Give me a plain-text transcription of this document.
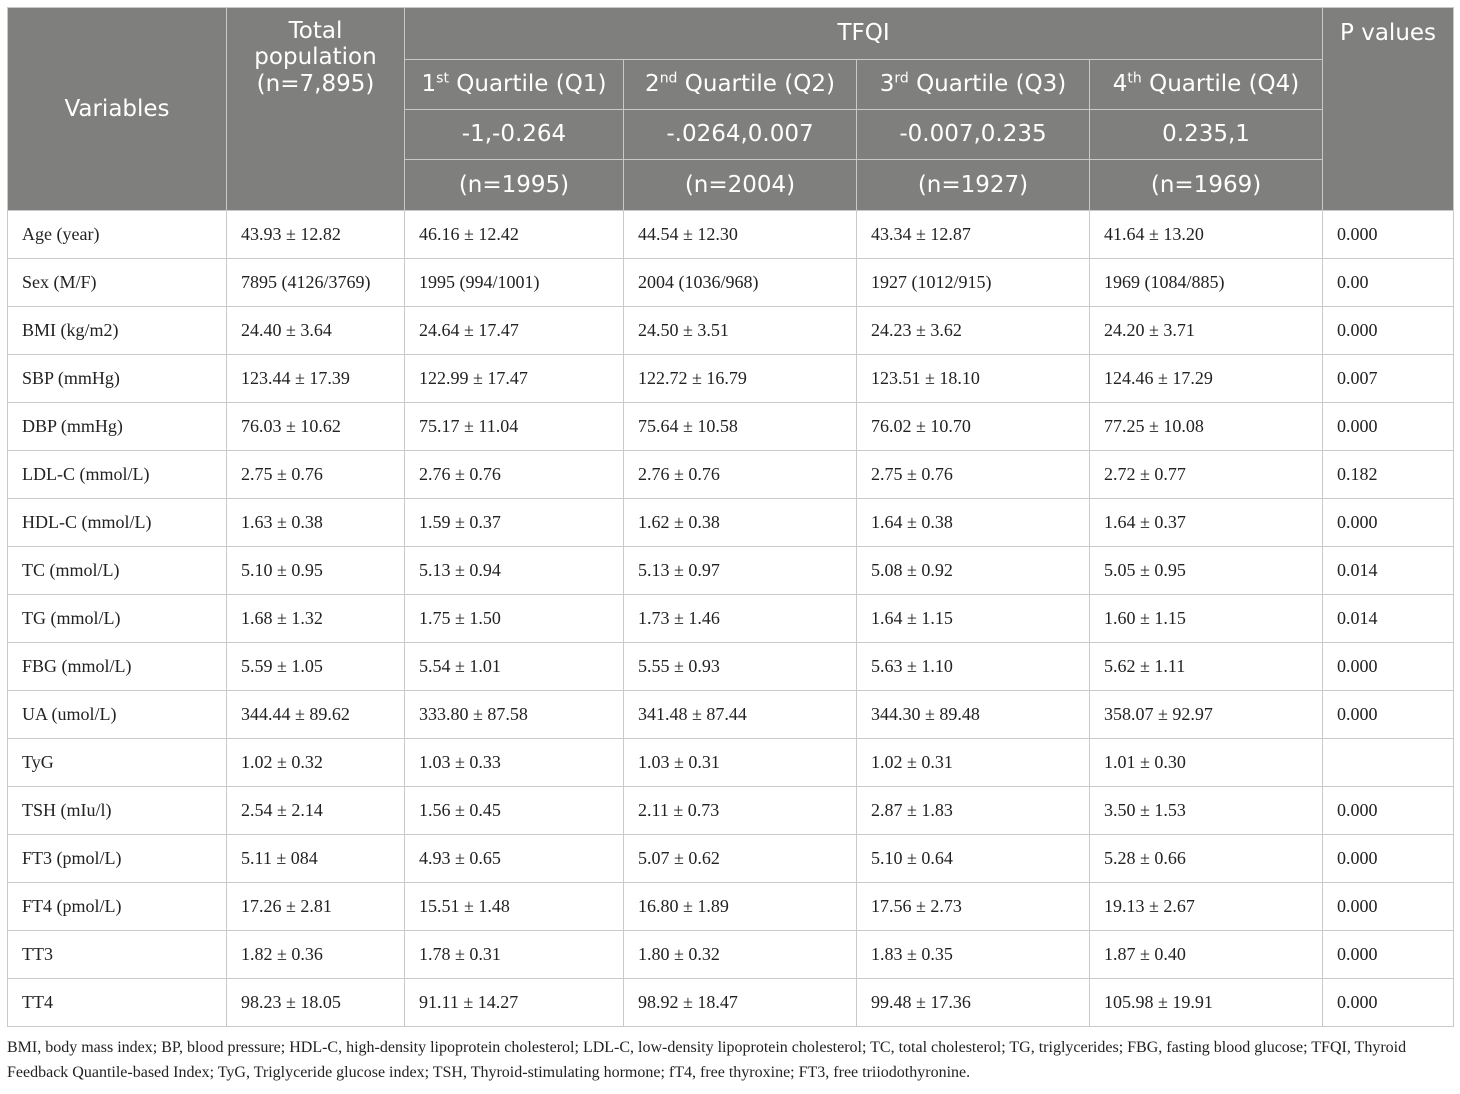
Variables	Total
population
(n=7,895)	TFQI				P values
		1st Quartile (Q1)	2nd Quartile (Q2)	3rd Quartile (Q3)	4th Quartile (Q4)	
		-1,-0.264	-.0264,0.007	-0.007,0.235	0.235,1	
		(n=1995)	(n=2004)	(n=1927)	(n=1969)	
Age (year)	43.93 ± 12.82	46.16 ± 12.42	44.54 ± 12.30	43.34 ± 12.87	41.64 ± 13.20	0.000
Sex (M/F)	7895 (4126/3769)	1995 (994/1001)	2004 (1036/968)	1927 (1012/915)	1969 (1084/885)	0.00
BMI (kg/m2)	24.40 ± 3.64	24.64 ± 17.47	24.50 ± 3.51	24.23 ± 3.62	24.20 ± 3.71	0.000
SBP (mmHg)	123.44 ± 17.39	122.99 ± 17.47	122.72 ± 16.79	123.51 ± 18.10	124.46 ± 17.29	0.007
DBP (mmHg)	76.03 ± 10.62	75.17 ± 11.04	75.64 ± 10.58	76.02 ± 10.70	77.25 ± 10.08	0.000
LDL-C (mmol/L)	2.75 ± 0.76	2.76 ± 0.76	2.76 ± 0.76	2.75 ± 0.76	2.72 ± 0.77	0.182
HDL-C (mmol/L)	1.63 ± 0.38	1.59 ± 0.37	1.62 ± 0.38	1.64 ± 0.38	1.64 ± 0.37	0.000
TC (mmol/L)	5.10 ± 0.95	5.13 ± 0.94	5.13 ± 0.97	5.08 ± 0.92	5.05 ± 0.95	0.014
TG (mmol/L)	1.68 ± 1.32	1.75 ± 1.50	1.73 ± 1.46	1.64 ± 1.15	1.60 ± 1.15	0.014
FBG (mmol/L)	5.59 ± 1.05	5.54 ± 1.01	5.55 ± 0.93	5.63 ± 1.10	5.62 ± 1.11	0.000
UA (umol/L)	344.44 ± 89.62	333.80 ± 87.58	341.48 ± 87.44	344.30 ± 89.48	358.07 ± 92.97	0.000
TyG	1.02 ± 0.32	1.03 ± 0.33	1.03 ± 0.31	1.02 ± 0.31	1.01 ± 0.30	
TSH (mIu/l)	2.54 ± 2.14	1.56 ± 0.45	2.11 ± 0.73	2.87 ± 1.83	3.50 ± 1.53	0.000
FT3 (pmol/L)	5.11 ± 084	4.93 ± 0.65	5.07 ± 0.62	5.10 ± 0.64	5.28 ± 0.66	0.000
FT4 (pmol/L)	17.26 ± 2.81	15.51 ± 1.48	16.80 ± 1.89	17.56 ± 2.73	19.13 ± 2.67	0.000
TT3	1.82 ± 0.36	1.78 ± 0.31	1.80 ± 0.32	1.83 ± 0.35	1.87 ± 0.40	0.000
TT4	98.23 ± 18.05	91.11 ± 14.27	98.92 ± 18.47	99.48 ± 17.36	105.98 ± 19.91	0.000

BMI, body mass index; BP, blood pressure; HDL-C, high-density lipoprotein cholesterol; LDL-C, low-density lipoprotein cholesterol; TC, total cholesterol; TG, triglycerides; FBG, fasting blood glucose; TFQI, Thyroid Feedback Quantile-based Index; TyG, Triglyceride glucose index; TSH, Thyroid-stimulating hormone; fT4, free thyroxine; FT3, free triiodothyronine.
